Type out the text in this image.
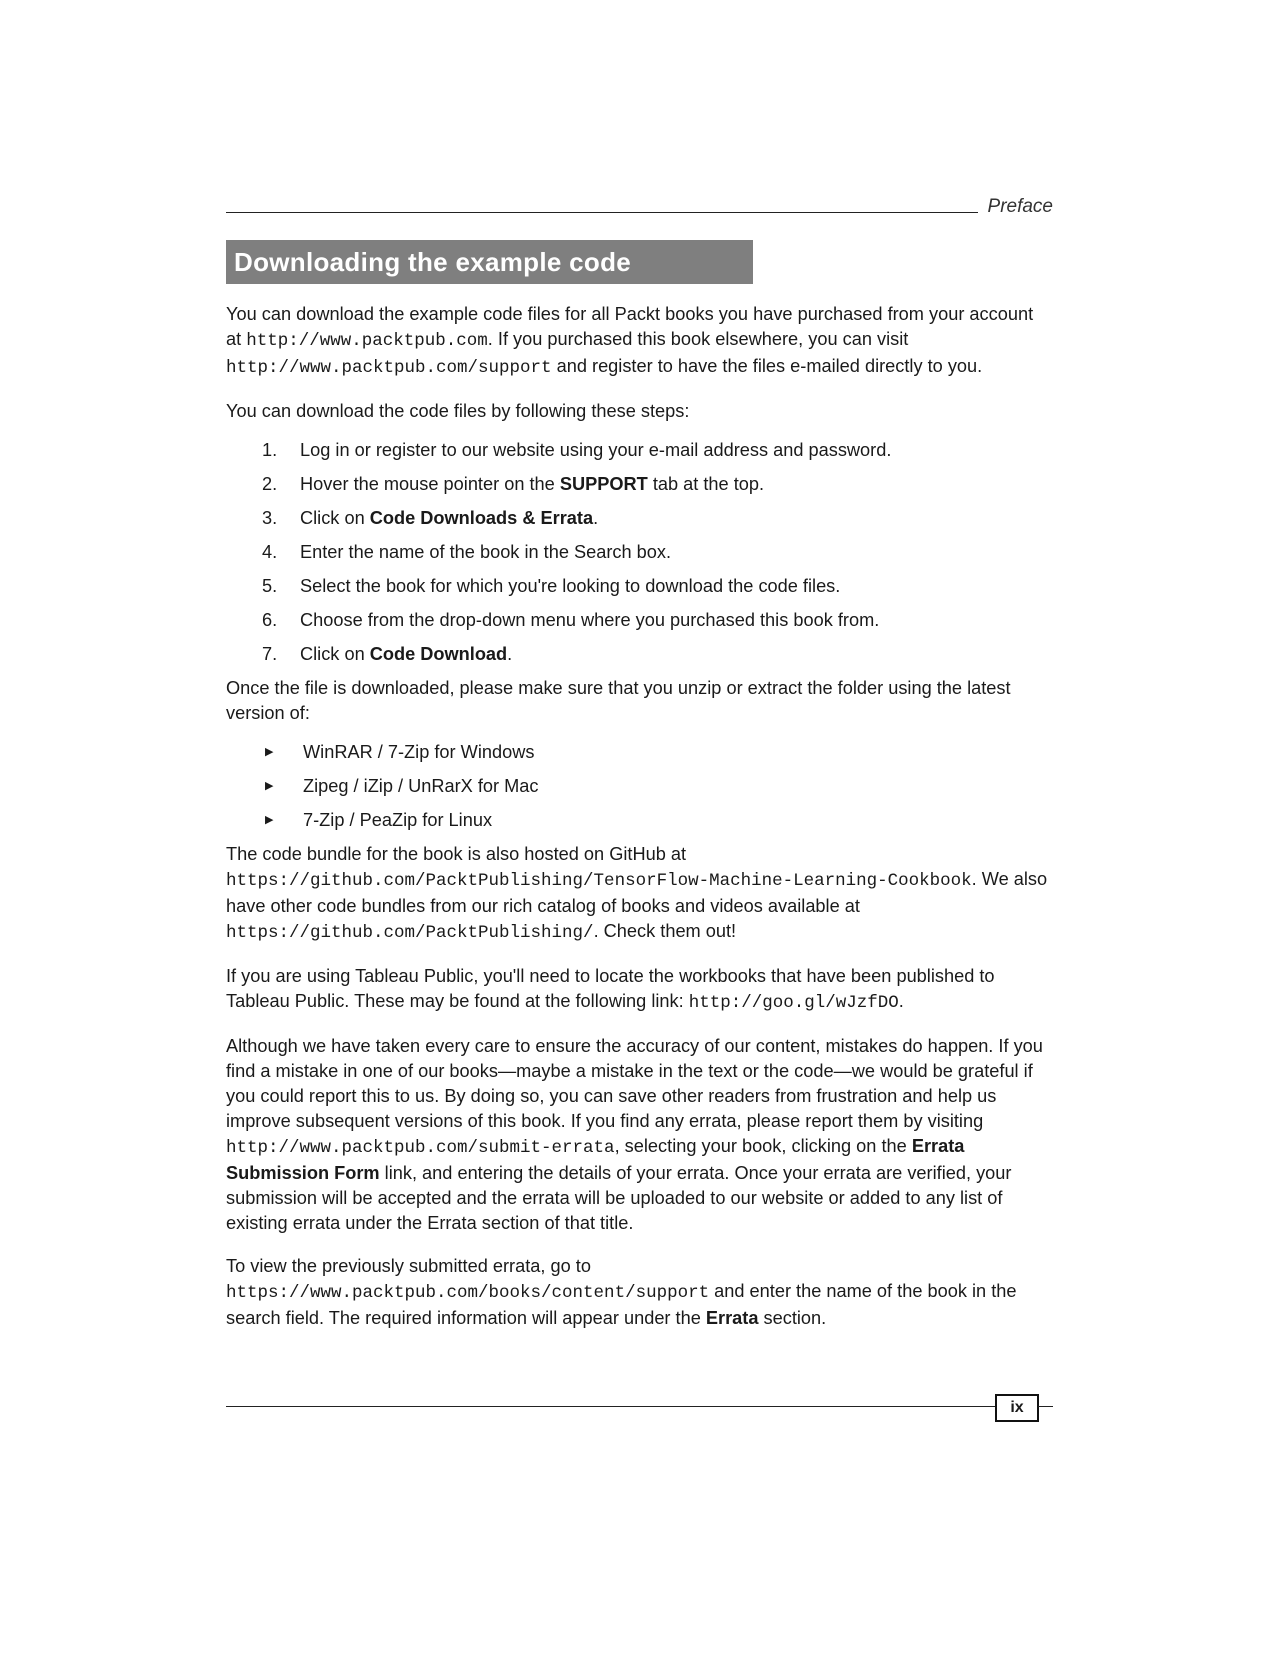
Preface
Downloading the example code

You can download the example code files for all Packt books you have purchased from your account at http://www.packtpub.com. If you purchased this book elsewhere, you can visit http://www.packtpub.com/support and register to have the files e-mailed directly to you.

You can download the code files by following these steps:

1.	Log in or register to our website using your e-mail address and password.
2.	Hover the mouse pointer on the SUPPORT tab at the top.
3.	Click on Code Downloads & Errata.
4.	Enter the name of the book in the Search box.
5.	Select the book for which you're looking to download the code files.
6.	Choose from the drop-down menu where you purchased this book from.
7.	Click on Code Download.

Once the file is downloaded, please make sure that you unzip or extract the folder using the latest version of:

▶	WinRAR / 7-Zip for Windows
▶	Zipeg / iZip / UnRarX for Mac
▶	7-Zip / PeaZip for Linux

The code bundle for the book is also hosted on GitHub at https://github.com/PacktPublishing/TensorFlow-Machine-Learning-Cookbook. We also have other code bundles from our rich catalog of books and videos available at https://github.com/PacktPublishing/. Check them out!

If you are using Tableau Public, you'll need to locate the workbooks that have been published to Tableau Public. These may be found at the following link: http://goo.gl/wJzfDO.

Although we have taken every care to ensure the accuracy of our content, mistakes do happen. If you find a mistake in one of our books—maybe a mistake in the text or the code—we would be grateful if you could report this to us. By doing so, you can save other readers from frustration and help us improve subsequent versions of this book. If you find any errata, please report them by visiting http://www.packtpub.com/submit-errata, selecting your book, clicking on the Errata Submission Form link, and entering the details of your errata. Once your errata are verified, your submission will be accepted and the errata will be uploaded to our website or added to any list of existing errata under the Errata section of that title.

To view the previously submitted errata, go to https://www.packtpub.com/books/content/support and enter the name of the book in the search field. The required information will appear under the Errata section.

ix
